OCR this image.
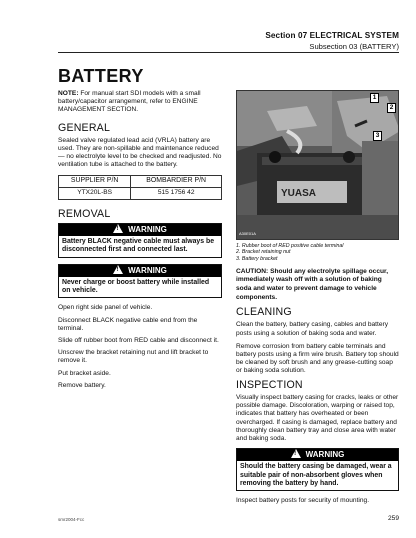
Section 07 ELECTRICAL SYSTEM
Subsection 03 (BATTERY)
BATTERY
NOTE: For manual start SDI models with a small battery/capacitor arrangement, refer to ENGINE MANAGEMENT SECTION.
GENERAL
Sealed valve regulated lead acid (VRLA) battery are used. They are non-spillable and maintenance reduced — no electrolyte level to be checked and readjusted. No ventilation tube is attached to the battery.
SUPPLIER P/N	BOMBARDIER P/N
YTX20L-BS	515 1756 42
REMOVAL
!WARNING
Battery BLACK negative cable must always be disconnected first and connected last.
!WARNING
Never charge or boost battery while installed on vehicle.
Open right side panel of vehicle.
Disconnect BLACK negative cable end from the terminal.
Slide off rubber boot from RED cable and disconnect it.
Unscrew the bracket retaining nut and lift bracket to remove it.
Put bracket aside.
Remove battery.
YUASA
1
2
3
A30E01A
1. Rubber boot of RED positive cable terminal
2. Bracket retaining nut
3. Battery bracket
CAUTION: Should any electrolyte spillage occur, immediately wash off with a solution of baking soda and water to prevent damage to vehicle components.
CLEANING
Clean the battery, battery casing, cables and battery posts using a solution of baking soda and water.
Remove corrosion from battery cable terminals and battery posts using a firm wire brush. Battery top should be cleaned by soft brush and any grease-cutting soap or baking soda solution.
INSPECTION
Visually inspect battery casing for cracks, leaks or other possible damage. Discoloration, warping or raised top, indicates that battery has overheated or been overcharged. If casing is damaged, replace battery and thoroughly clean battery tray and close area with water and baking soda.
!WARNING
Should the battery casing be damaged, wear a suitable pair of non-absorbent gloves when removing the battery by hand.
Inspect battery posts for security of mounting.
smr2004-Fcc	259
